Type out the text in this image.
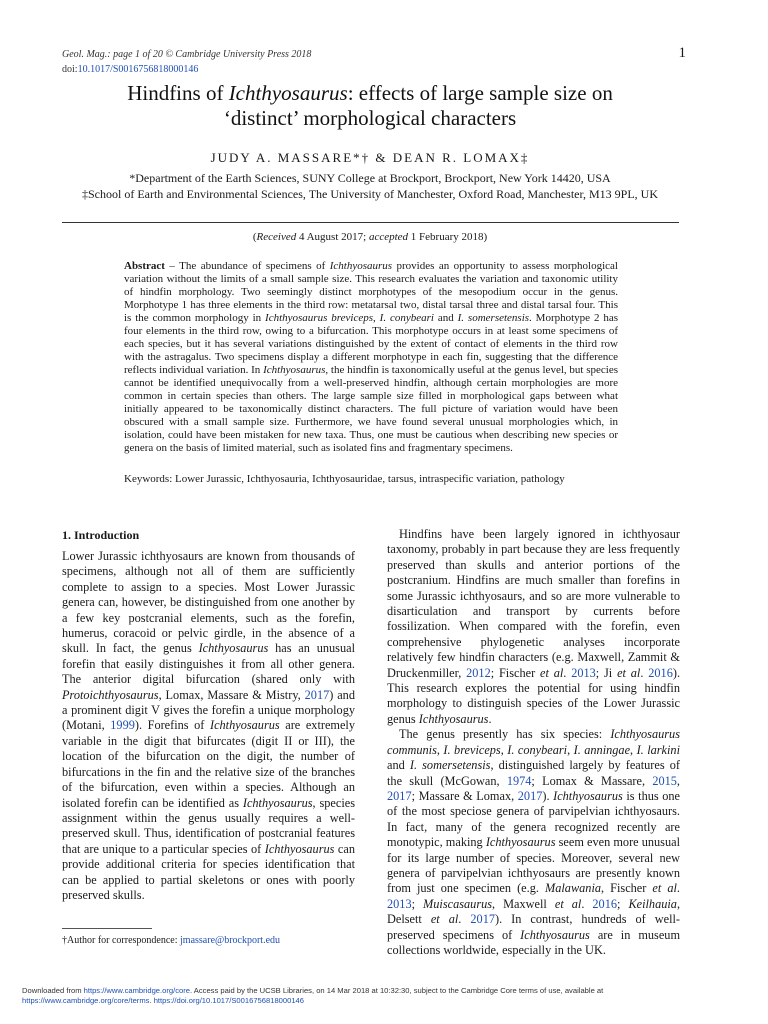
Geol. Mag.: page 1 of 20 © Cambridge University Press 2018
doi:10.1017/S0016756818000146
1
Hindfins of Ichthyosaurus: effects of large sample size on
‘distinct’ morphological characters
JUDY A. MASSARE*† & DEAN R. LOMAX‡
*Department of the Earth Sciences, SUNY College at Brockport, Brockport, New York 14420, USA
‡School of Earth and Environmental Sciences, The University of Manchester, Oxford Road, Manchester, M13 9PL, UK
(Received 4 August 2017; accepted 1 February 2018)
Abstract – The abundance of specimens of Ichthyosaurus provides an opportunity to assess morphological variation without the limits of a small sample size. This research evaluates the variation and taxonomic utility of hindfin morphology. Two seemingly distinct morphotypes of the mesopodium occur in the genus. Morphotype 1 has three elements in the third row: metatarsal two, distal tarsal three and distal tarsal four. This is the common morphology in Ichthyosaurus breviceps, I. conybeari and I. somersetensis. Morphotype 2 has four elements in the third row, owing to a bifurcation. This morphotype occurs in at least some specimens of each species, but it has several variations distinguished by the extent of contact of elements in the third row with the astragalus. Two specimens display a different morphotype in each fin, suggesting that the difference reflects individual variation. In Ichthyosaurus, the hindfin is taxonomically useful at the genus level, but species cannot be identified unequivocally from a well-preserved hindfin, although certain morphologies are more common in certain species than others. The large sample size filled in morphological gaps between what initially appeared to be taxonomically distinct characters. The full picture of variation would have been obscured with a small sample size. Furthermore, we have found several unusual morphologies which, in isolation, could have been mistaken for new taxa. Thus, one must be cautious when describing new species or genera on the basis of limited material, such as isolated fins and fragmentary specimens.
Keywords: Lower Jurassic, Ichthyosauria, Ichthyosauridae, tarsus, intraspecific variation, pathology
1. Introduction

Lower Jurassic ichthyosaurs are known from thousands of specimens, although not all of them are sufficiently complete to assign to a species. Most Lower Jurassic genera can, however, be distinguished from one another by a few key postcranial elements, such as the forefin, humerus, coracoid or pelvic girdle, in the absence of a skull. In fact, the genus Ichthyosaurus has an unusual forefin that easily distinguishes it from all other genera. The anterior digital bifurcation (shared only with Protoichthyosaurus, Lomax, Massare & Mistry, 2017) and a prominent digit V gives the forefin a unique morphology (Motani, 1999). Forefins of Ichthyosaurus are extremely variable in the digit that bifurcates (digit II or III), the location of the bifurcation on the digit, the number of bifurcations in the fin and the relative size of the branches of the bifurcation, even within a species. Although an isolated forefin can be identified as Ichthyosaurus, species assignment within the genus usually requires a well-preserved skull. Thus, identification of postcranial features that are unique to a particular species of Ichthyosaurus can provide additional criteria for species identification that can be applied to partial skeletons or ones with poorly preserved skulls.

†Author for correspondence: jmassare@brockport.edu

Hindfins have been largely ignored in ichthyosaur taxonomy, probably in part because they are less frequently preserved than skulls and anterior portions of the postcranium. Hindfins are much smaller than forefins in some Jurassic ichthyosaurs, and so are more vulnerable to disarticulation and transport by currents before fossilization. When compared with the forefin, even comprehensive phylogenetic analyses incorporate relatively few hindfin characters (e.g. Maxwell, Zammit & Druckenmiller, 2012; Fischer et al. 2013; Ji et al. 2016). This research explores the potential for using hindfin morphology to distinguish species of the Lower Jurassic genus Ichthyosaurus.

The genus presently has six species: Ichthyosaurus communis, I. breviceps, I. conybeari, I. anningae, I. larkini and I. somersetensis, distinguished largely by features of the skull (McGowan, 1974; Lomax & Massare, 2015, 2017; Massare & Lomax, 2017). Ichthyosaurus is thus one of the most speciose genera of parvipelvian ichthyosaurs. In fact, many of the genera recognized recently are monotypic, making Ichthyosaurus seem even more unusual for its large number of species. Moreover, several new genera of parvipelvian ichthyosaurs are presently known from just one specimen (e.g. Malawania, Fischer et al. 2013; Muiscasaurus, Maxwell et al. 2016; Keilhauia, Delsett et al. 2017). In contrast, hundreds of well-preserved specimens of Ichthyosaurus are in museum collections worldwide, especially in the UK.

Downloaded from https://www.cambridge.org/core. Access paid by the UCSB Libraries, on 14 Mar 2018 at 10:32:30, subject to the Cambridge Core terms of use, available at
https://www.cambridge.org/core/terms. https://doi.org/10.1017/S0016756818000146
